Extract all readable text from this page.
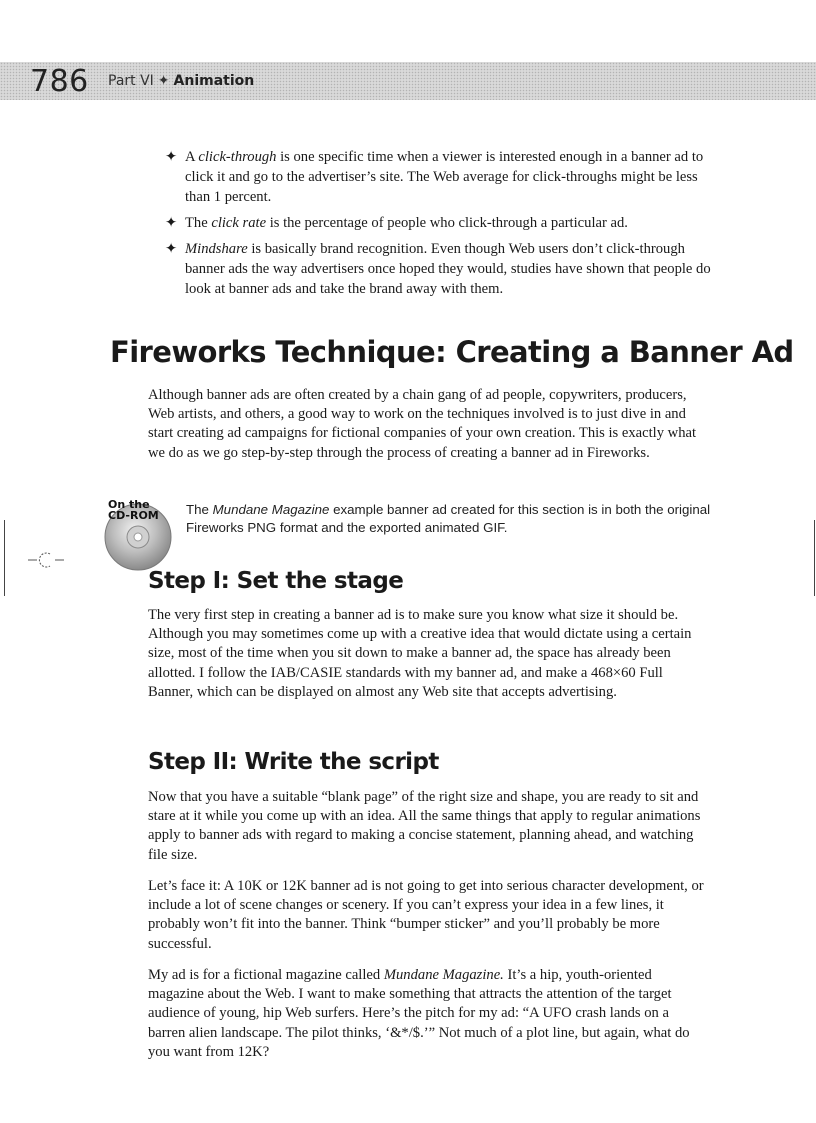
786 Part VI ✦ Animation
✦ A click-through is one specific time when a viewer is interested enough in a banner ad to click it and go to the advertiser’s site. The Web average for click-throughs might be less than 1 percent.
✦ The click rate is the percentage of people who click-through a particular ad.
✦ Mindshare is basically brand recognition. Even though Web users don’t click-through banner ads the way advertisers once hoped they would, studies have shown that people do look at banner ads and take the brand away with them.
Fireworks Technique: Creating a Banner Ad
Although banner ads are often created by a chain gang of ad people, copywriters, producers, Web artists, and others, a good way to work on the techniques involved is to just dive in and start creating ad campaigns for fictional companies of your own creation. This is exactly what we do as we go step-by-step through the process of creating a banner ad in Fireworks.
On the
CD-ROM The Mundane Magazine example banner ad created for this section is in both the original Fireworks PNG format and the exported animated GIF.
Step I: Set the stage
The very first step in creating a banner ad is to make sure you know what size it should be. Although you may sometimes come up with a creative idea that would dictate using a certain size, most of the time when you sit down to make a banner ad, the space has already been allotted. I follow the IAB/CASIE standards with my banner ad, and make a 468×60 Full Banner, which can be displayed on almost any Web site that accepts advertising.
Step II: Write the script
Now that you have a suitable “blank page” of the right size and shape, you are ready to sit and stare at it while you come up with an idea. All the same things that apply to regular animations apply to banner ads with regard to making a concise statement, planning ahead, and watching file size.
Let’s face it: A 10K or 12K banner ad is not going to get into serious character development, or include a lot of scene changes or scenery. If you can’t express your idea in a few lines, it probably won’t fit into the banner. Think “bumper sticker” and you’ll probably be more successful.
My ad is for a fictional magazine called Mundane Magazine. It’s a hip, youth-oriented magazine about the Web. I want to make something that attracts the attention of the target audience of young, hip Web surfers. Here’s the pitch for my ad: “A UFO crash lands on a barren alien landscape. The pilot thinks, ‘&*/$.’” Not much of a plot line, but again, what do you want from 12K?
